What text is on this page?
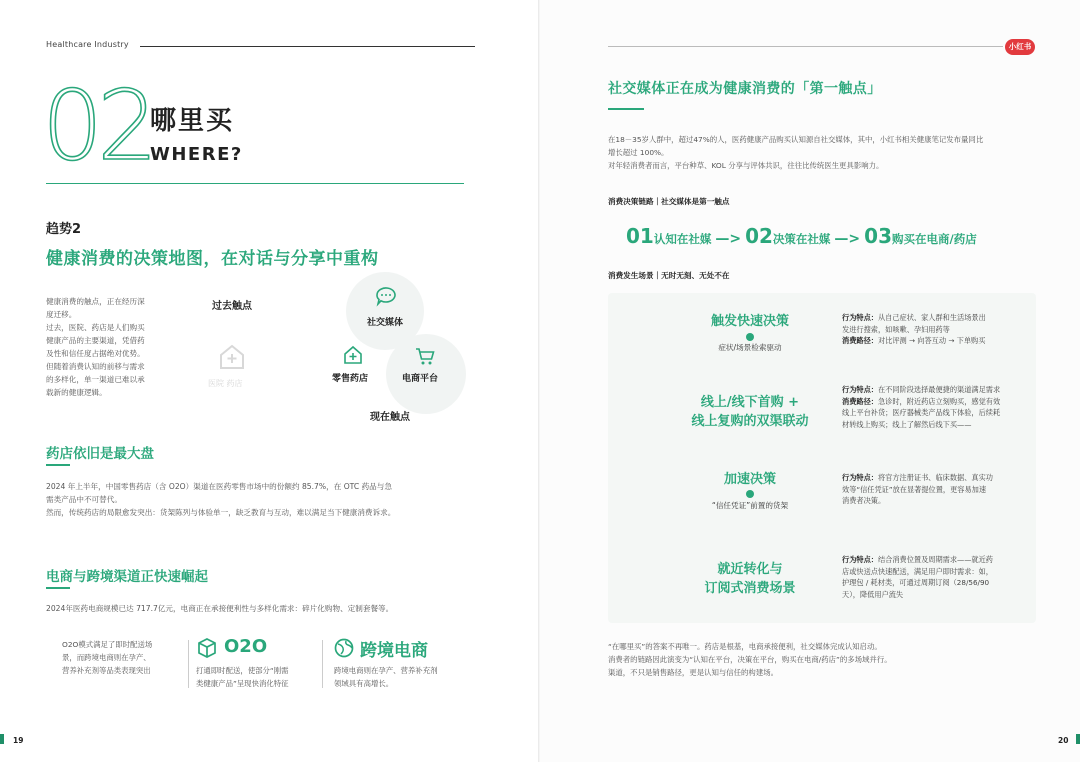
Healthcare Industry
02
哪里买
WHERE?
趋势2
健康消费的决策地图，在对话与分享中重构
健康消费的触点，正在经历深
度迁移。
过去，医院、药店是人们购买
健康产品的主要渠道，凭借药
及性和信任度占据绝对优势。
但随着消费认知的前移与需求
的多样化，单一渠道已难以承
载新的健康逻辑。
过去触点
现在触点
医院 药店
社交媒体
零售药店	电商平台
药店依旧是最大盘
2024 年上半年，中国零售药店（含 O2O）渠道在医药零售市场中的份额约 85.7%，在 OTC 药品与急
需类产品中不可替代。
然而，传统药店的局限愈发突出：货架陈列与体验单一，缺乏教育与互动，难以满足当下健康消费诉求。
电商与跨境渠道正快速崛起
2024年医药电商规模已达 717.7亿元，电商正在承接便利性与多样化需求：碎片化购物、定制套餐等。
O2O模式满足了即时配送场
景，而跨境电商则在孕产、
营养补充剂等品类表现突出
O2O
打通即时配送，使部分“刚需
类健康产品”呈现快消化特征
跨境电商
跨境电商则在孕产、营养补充剂
领域具有高增长。
19
小红书
社交媒体正在成为健康消费的「第一触点」
在18－35岁人群中，超过47%的人，医药健康产品购买认知源自社交媒体，其中，小红书相关健康笔记发布量同比
增长超过 100%。
对年轻消费者而言，平台种草、KOL 分享与评体共识，往往比传统医生更具影响力。
消费决策链路｜社交媒体是第一触点
01认知在社媒 —> 02决策在社媒 —> 03购买在电商/药店
消费发生场景｜无时无刻、无处不在
触发快速决策
症状/场景检索驱动
行为特点：从自己症状、家人群和生活场景出
发进行搜索，如咳嗽、孕妇用药等
消费路径：对比评测 → 向答互动 → 下单购买
线上/线下首购 +
线上复购的双渠联动
行为特点：在不同阶段选择最便捷的渠道满足需求
消费路径：急诊时，附近药店立刻购买，感觉有效
线上平台补货；医疗器械类产品线下体验，后续耗
材转线上购买；线上了解然后线下买——
加速决策
“信任凭证”前置的货架
行为特点：将官方注册证书、临床数据、真实功
效等“信任凭证”放在显著提位置，更容易加速
消费者决策。
就近转化与
订阅式消费场景
行为特点：结合消费位置及周期需求——就近药
店或快送点快速配送，满足用户即时需求：如，
护理包 / 耗材类，可通过周期订阅（28/56/90
天），降低用户流失
“在哪里买”的答案不再唯一。药店是根基，电商承接便利，社交媒体完成认知启动。
消费者的链路因此演变为“认知在平台，决策在平台，购买在电商/药店”的多场域并行。
渠道，不只是销售路径，更是认知与信任的构建场。
20
